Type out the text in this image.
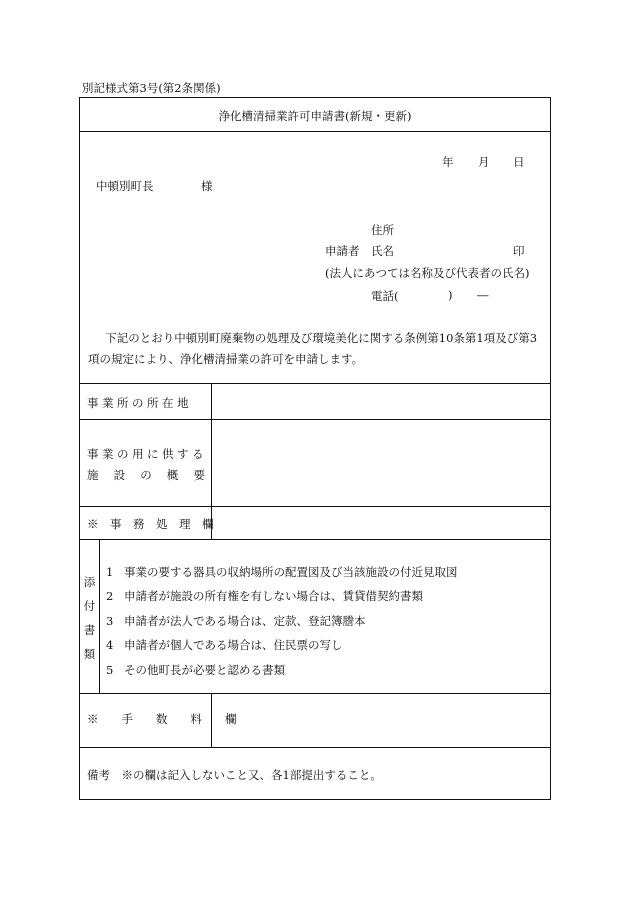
別記様式第3号(第2条関係)
浄化槽清掃業許可申請書(新規・更新)
年 月 日
中頓別町長	様
住所
申請者 氏名	印
(法人にあつては名称及び代表者の氏名)
電話(	) ―
下記のとおり中頓別町廃棄物の処理及び環境美化に関する条例第10条第1項及び第3項の規定により、浄化槽清掃業の許可を申請します。
事業所の所在地
事業の用に供する
施 設 の 概 要
※　事　務　処　理　欄
添
付
書
類
1 事業の要する器具の収納場所の配置図及び当該施設の付近見取図
2 申請者が施設の所有権を有しない場合は、賃貸借契約書類
3 申請者が法人である場合は、定款、登記簿謄本
4 申請者が個人である場合は、住民票の写し
5 その他町長が必要と認める書類
※　　手　　数　　料　　欄
備考　※の欄は記入しないこと又、各1部提出すること。
